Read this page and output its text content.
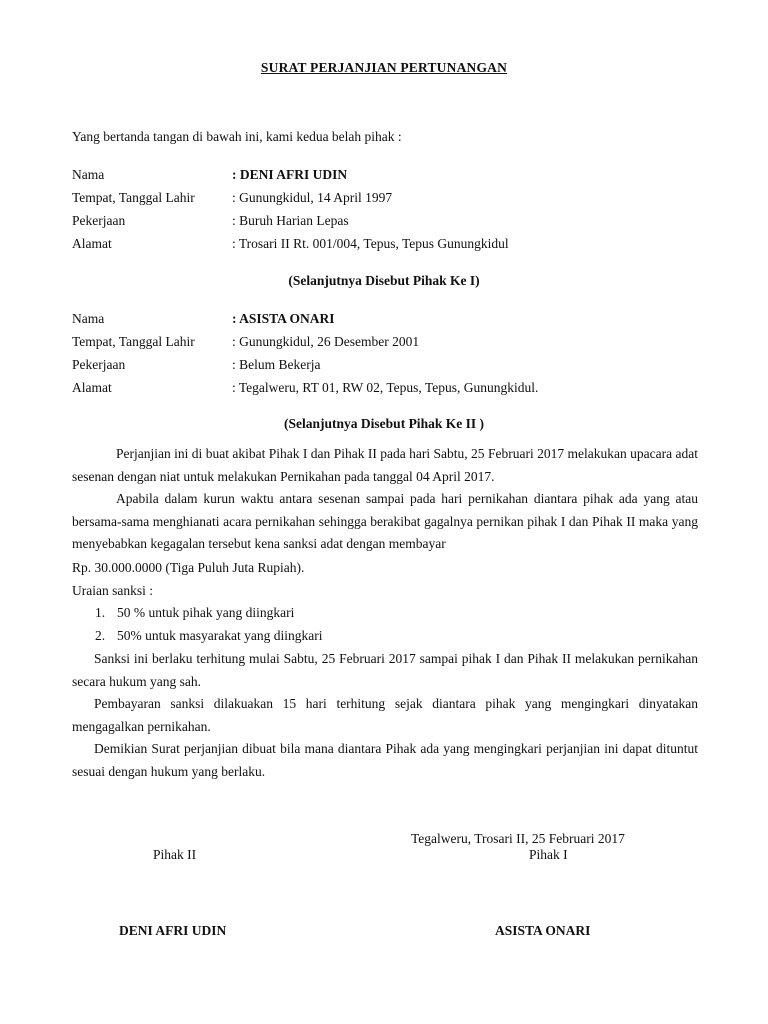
SURAT PERJANJIAN PERTUNANGAN
Yang bertanda tangan di bawah ini, kami kedua belah pihak :
Nama	: DENI AFRI UDIN
Tempat, Tanggal Lahir	: Gunungkidul, 14 April 1997
Pekerjaan	: Buruh Harian Lepas
Alamat	: Trosari II Rt. 001/004, Tepus, Tepus Gunungkidul
(Selanjutnya Disebut Pihak Ke I)
Nama	: ASISTA ONARI
Tempat, Tanggal Lahir	: Gunungkidul, 26 Desember 2001
Pekerjaan	: Belum Bekerja
Alamat	: Tegalweru, RT 01, RW 02, Tepus, Tepus, Gunungkidul.
(Selanjutnya Disebut Pihak Ke II )
Perjanjian ini di buat akibat Pihak I dan Pihak II pada hari Sabtu, 25 Februari 2017 melakukan upacara adat sesenan dengan niat untuk melakukan Pernikahan pada tanggal 04 April 2017.
Apabila dalam kurun waktu antara sesenan sampai pada hari pernikahan diantara pihak ada yang atau bersama-sama menghianati acara pernikahan sehingga berakibat gagalnya pernikan pihak I dan Pihak II maka yang menyebabkan kegagalan tersebut kena sanksi adat dengan membayar
Rp. 30.000.0000 (Tiga Puluh Juta Rupiah).
Uraian sanksi :
1. 50 % untuk pihak yang diingkari
2. 50% untuk masyarakat yang diingkari
Sanksi ini berlaku terhitung mulai Sabtu, 25 Februari 2017 sampai pihak I dan Pihak II melakukan pernikahan secara hukum yang sah.
Pembayaran sanksi dilakuakan 15 hari terhitung sejak diantara pihak yang mengingkari dinyatakan mengagalkan pernikahan.
Demikian Surat perjanjian dibuat bila mana diantara Pihak ada yang mengingkari perjanjian ini dapat dituntut sesuai dengan hukum yang berlaku.
Tegalweru, Trosari II, 25 Februari 2017
Pihak II	Pihak I
DENI AFRI UDIN	ASISTA ONARI
